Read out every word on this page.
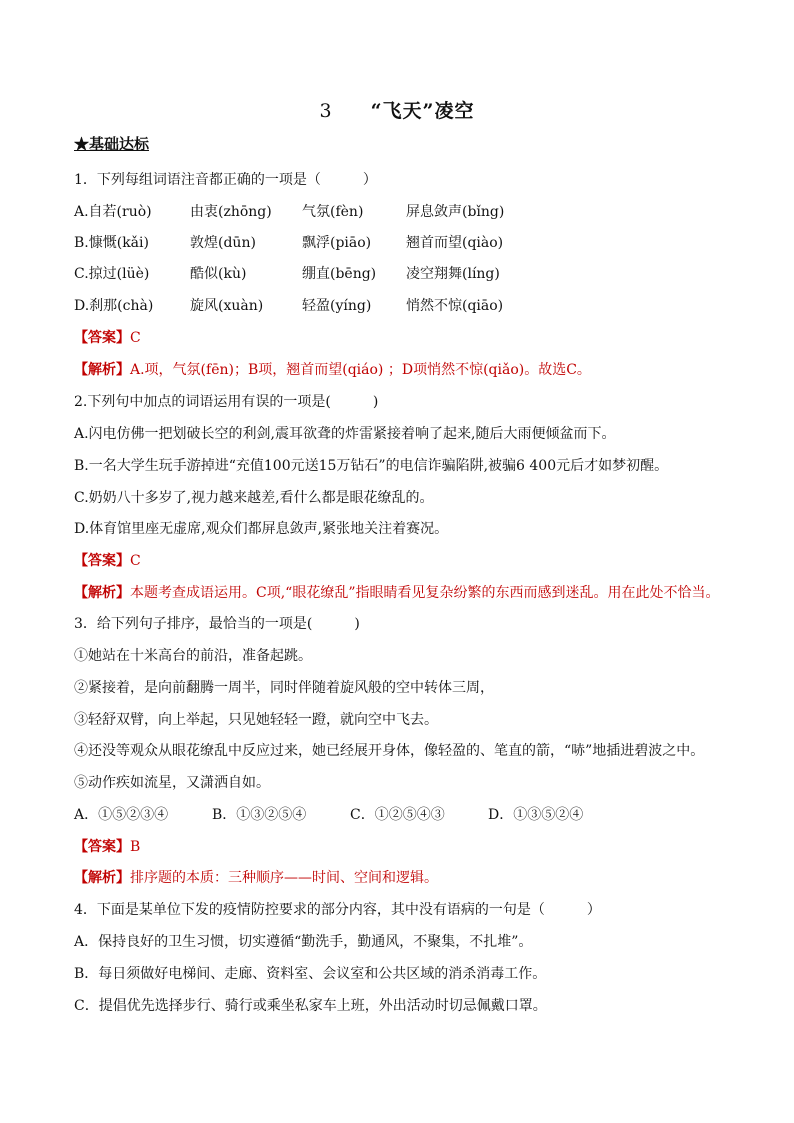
3 “飞天”凌空
★基础达标
1．下列每组词语注音都正确的一项是（　　　）
A.自若(ruò)	由衷(zhōng) 气氛(fèn)	屏息敛声(bǐng)
B.慷慨(kǎi)	敦煌(dūn)	飘浮(piāo) 翘首而望(qiào)
C.掠过(lüè)	酷似(kù)	绷直(bēng) 凌空翔舞(líng)
D.刹那(chà)	旋风(xuàn)	轻盈(yíng) 悄然不惊(qiāo)
【答案】C
【解析】A.项，气氛(fēn)；B项，翘首而望(qiáo) ；D项悄然不惊(qiǎo)。故选C。
2.下列句中加点的词语运用有误的一项是(　　　)
A.闪电仿佛一把划破长空的利剑,震耳欲聋的炸雷紧接着响了起来,随后大雨便倾盆而下。
B.一名大学生玩手游掉进“充值100元送15万钻石”的电信诈骗陷阱,被骗6 400元后才如梦初醒。
C.奶奶八十多岁了,视力越来越差,看什么都是眼花缭乱的。
D.体育馆里座无虚席,观众们都屏息敛声,紧张地关注着赛况。
【答案】C
【解析】本题考查成语运用。C项,“眼花缭乱”指眼睛看见复杂纷繁的东西而感到迷乱。用在此处不恰当。
3．给下列句子排序，最恰当的一项是(　　　)
①她站在十米高台的前沿，准备起跳。
②紧接着，是向前翻腾一周半，同时伴随着旋风般的空中转体三周，
③轻舒双臂，向上举起，只见她轻轻一蹬，就向空中飞去。
④还没等观众从眼花缭乱中反应过来，她已经展开身体，像轻盈的、笔直的箭，“哧”地插进碧波之中。
⑤动作疾如流星，又潇洒自如。
A．①⑤②③④	B．①③②⑤④	C．①②⑤④③	D．①③⑤②④
【答案】B
【解析】排序题的本质：三种顺序——时间、空间和逻辑。
4．下面是某单位下发的疫情防控要求的部分内容，其中没有语病的一句是（　　　）
A．保持良好的卫生习惯，切实遵循“勤洗手，勤通风，不聚集，不扎堆”。
B．每日须做好电梯间、走廊、资料室、会议室和公共区域的消杀消毒工作。
C．提倡优先选择步行、骑行或乘坐私家车上班，外出活动时切忌佩戴口罩。
